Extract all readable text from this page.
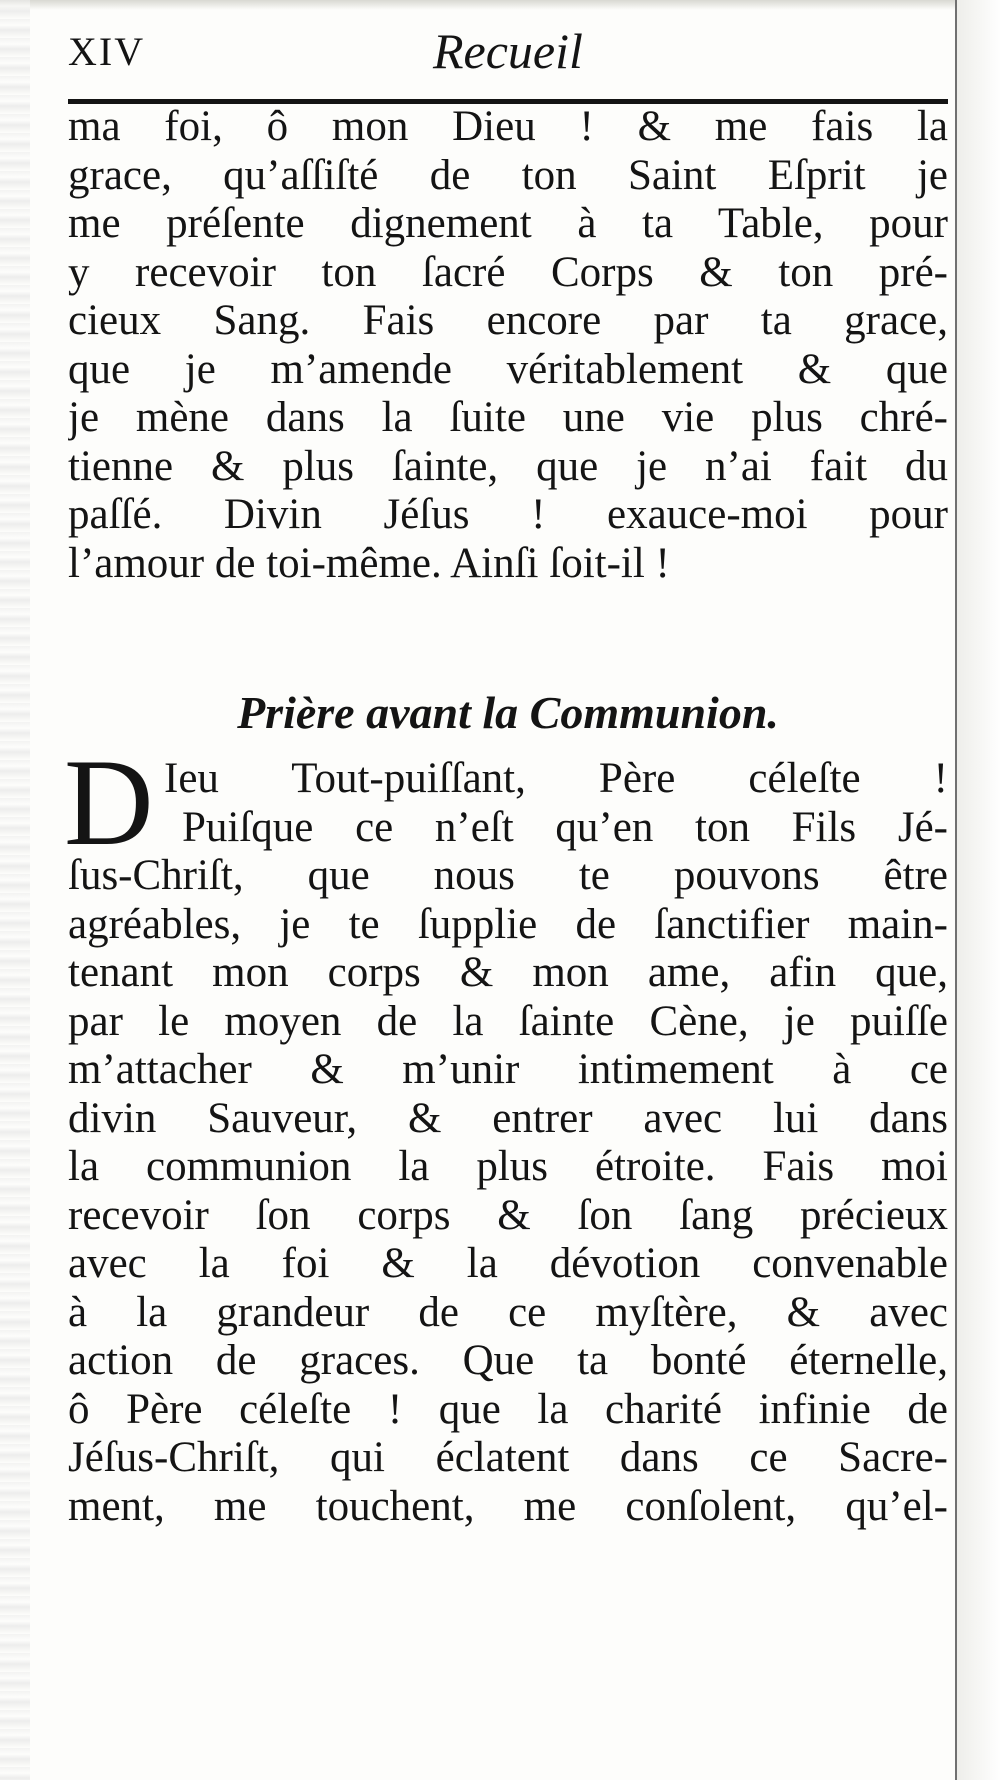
XIV	Recueil
ma foi, ô mon Dieu ! & me fais la
grace, qu’aſſiſté de ton Saint Eſprit je
me préſente dignement à ta Table, pour
y recevoir ton ſacré Corps & ton pré-
cieux Sang. Fais encore par ta grace,
que je m’amende véritablement & que
je mène dans la ſuite une vie plus chré-
tienne & plus ſainte, que je n’ai fait du
paſſé. Divin Jéſus ! exauce-moi pour
l’amour de toi-même. Ainſi ſoit-il !
Prière avant la Communion.
D Ieu Tout-puiſſant, Père céleſte !
Puiſque ce n’eſt qu’en ton Fils Jé-
ſus-Chriſt, que nous te pouvons être
agréables, je te ſupplie de ſanctifier main-
tenant mon corps & mon ame, afin que,
par le moyen de la ſainte Cène, je puiſſe
m’attacher & m’unir intimement à ce
divin Sauveur, & entrer avec lui dans
la communion la plus étroite. Fais moi
recevoir ſon corps & ſon ſang précieux
avec la foi & la dévotion convenable
à la grandeur de ce myſtère, & avec
action de graces. Que ta bonté éternelle,
ô Père céleſte ! que la charité infinie de
Jéſus-Chriſt, qui éclatent dans ce Sacre-
ment, me touchent, me conſolent, qu’el-
